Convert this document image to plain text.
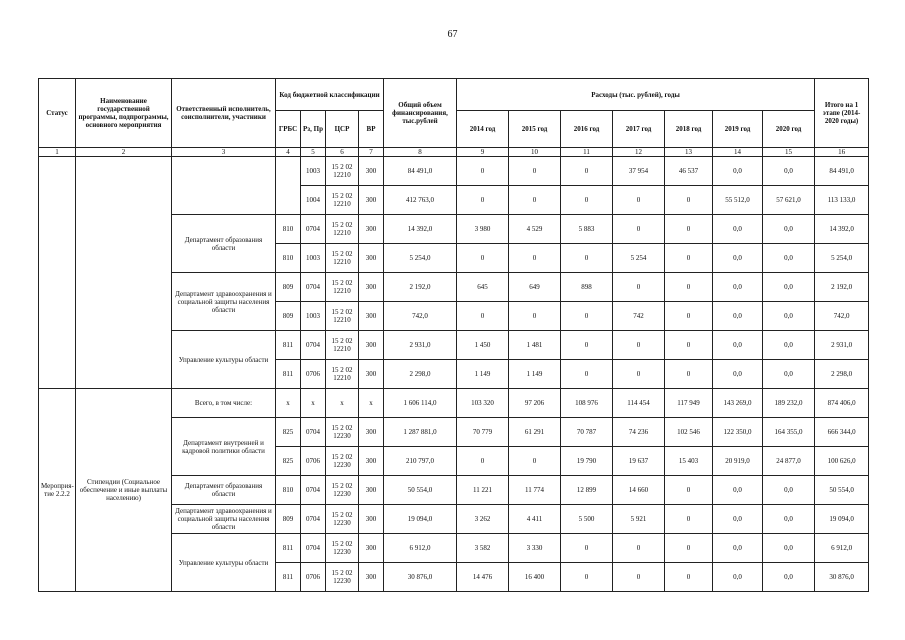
67
Статус	Наименование государственной программы, подпрограммы, основного мероприятия	Ответственный исполнитель, соисполнители, участники	Код бюджетной классификации				Общий объем финансирования, тыс.рублей	Расходы (тыс. рублей), годы							Итого на 1 этапе (2014-2020 годы)
			ГРБС	Рз, Пр	ЦСР	ВР		2014 год	2015 год	2016 год	2017 год	2018 год	2019 год	2020 год	
1	2	3	4	5	6	7	8	9	10	11	12	13	14	15	16
				1003	15 2 02 12210	300	84 491,0	0	0	0	37 954	46 537	0,0	0,0	84 491,0
				1004	15 2 02 12210	300	412 763,0	0	0	0	0	0	55 512,0	57 621,0	113 133,0
		Департамент образования области	810	0704	15 2 02 12210	300	14 392,0	3 980	4 529	5 883	0	0	0,0	0,0	14 392,0
			810	1003	15 2 02 12210	300	5 254,0	0	0	0	5 254	0	0,0	0,0	5 254,0
		Департамент здравоохранения и социальной защиты населения области	809	0704	15 2 02 12210	300	2 192,0	645	649	898	0	0	0,0	0,0	2 192,0
			809	1003	15 2 02 12210	300	742,0	0	0	0	742	0	0,0	0,0	742,0
		Управление культуры области	811	0704	15 2 02 12210	300	2 931,0	1 450	1 481	0	0	0	0,0	0,0	2 931,0
			811	0706	15 2 02 12210	300	2 298,0	1 149	1 149	0	0	0	0,0	0,0	2 298,0
Мероприя-тие 2.2.2	Стипендии (Социальное обеспечение и иные выплаты населению)	Всего, в том числе:	х	х	х	х	1 606 114,0	103 320	97 206	108 976	114 454	117 949	143 269,0	189 232,0	874 406,0
		Департамент внутренней и кадровой политики области	825	0704	15 2 02 12230	300	1 287 881,0	70 779	61 291	70 787	74 236	102 546	122 350,0	164 355,0	666 344,0
			825	0706	15 2 02 12230	300	210 797,0	0	0	19 790	19 637	15 403	20 919,0	24 877,0	100 626,0
		Департамент образования области	810	0704	15 2 02 12230	300	50 554,0	11 221	11 774	12 899	14 660	0	0,0	0,0	50 554,0
		Департамент здравоохранения и социальной защиты населения области	809	0704	15 2 02 12230	300	19 094,0	3 262	4 411	5 500	5 921	0	0,0	0,0	19 094,0
		Управление культуры области	811	0704	15 2 02 12230	300	6 912,0	3 582	3 330	0	0	0	0,0	0,0	6 912,0
			811	0706	15 2 02 12230	300	30 876,0	14 476	16 400	0	0	0	0,0	0,0	30 876,0
